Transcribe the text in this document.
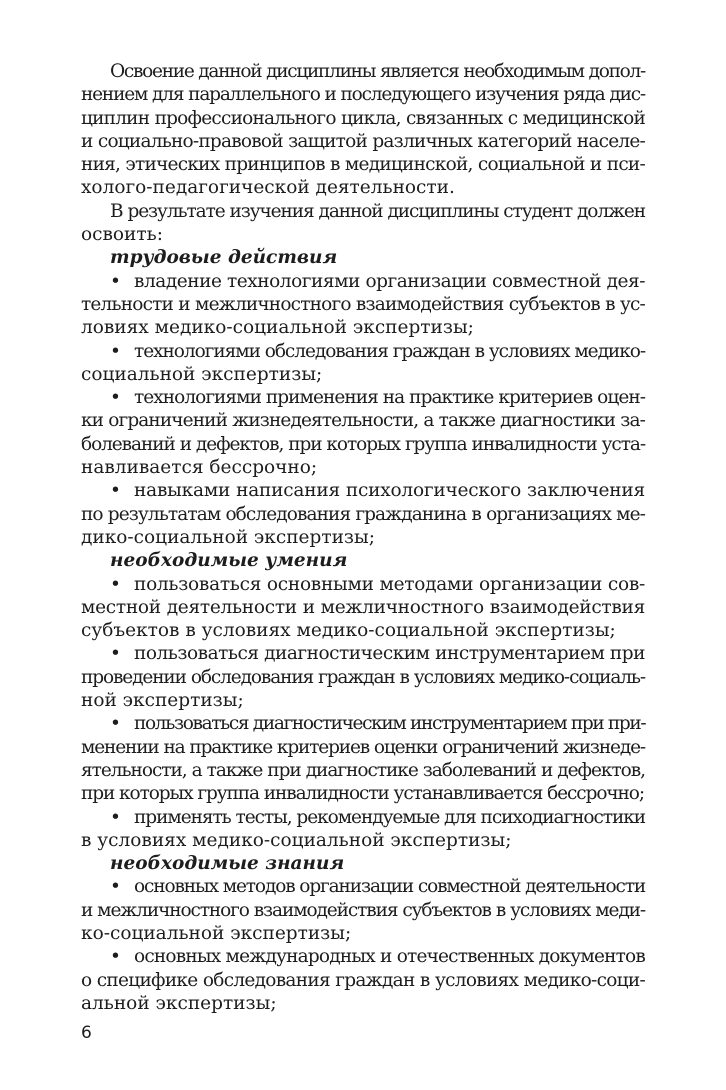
Освоение данной дисциплины является необходимым допол-
нением для параллельного и последующего изучения ряда дис-
циплин профессионального цикла, связанных с медицинской
и социально-правовой защитой различных категорий населе-
ния, этических принципов в медицинской, социальной и пси-
холого-педагогической деятельности.
В результате изучения данной дисциплины студент должен
освоить:
трудовые действия
• владение технологиями организации совместной дея-
тельности и межличностного взаимодействия субъектов в ус-
ловиях медико-социальной экспертизы;
• технологиями обследования граждан в условиях медико-
социальной экспертизы;
• технологиями применения на практике критериев оцен-
ки ограничений жизнедеятельности, а также диагностики за-
болеваний и дефектов, при которых группа инвалидности уста-
навливается бессрочно;
• навыками написания психологического заключения
по результатам обследования гражданина в организациях ме-
дико-социальной экспертизы;
необходимые умения
• пользоваться основными методами организации сов-
местной деятельности и межличностного взаимодействия
субъектов в условиях медико-социальной экспертизы;
• пользоваться диагностическим инструментарием при
проведении обследования граждан в условиях медико-социаль-
ной экспертизы;
• пользоваться диагностическим инструментарием при при-
менении на практике критериев оценки ограничений жизнеде-
ятельности, а также при диагностике заболеваний и дефектов,
при которых группа инвалидности устанавливается бессрочно;
• применять тесты, рекомендуемые для психодиагностики
в условиях медико-социальной экспертизы;
необходимые знания
• основных методов организации совместной деятельности
и межличностного взаимодействия субъектов в условиях меди-
ко-социальной экспертизы;
• основных международных и отечественных документов
о специфике обследования граждан в условиях медико-соци-
альной экспертизы;
6
